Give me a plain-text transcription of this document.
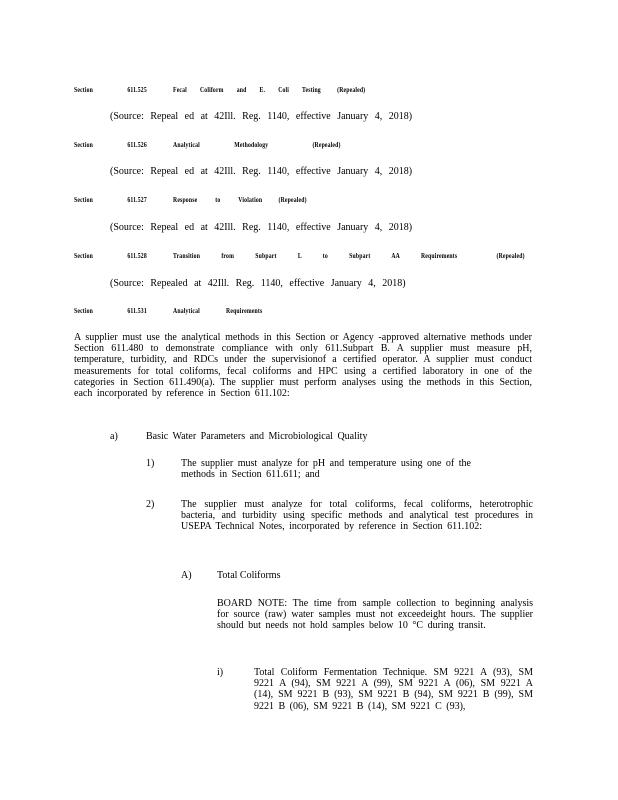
Section	611.525	Fecal Coliform and E. Coli Testing (Repealed)
(Source: Repeal ed at 42Ill. Reg. 1140, effective January 4, 2018)
Section	611.526	Analytical Methodology	(Repealed)
(Source: Repeal ed at 42Ill. Reg. 1140, effective January 4, 2018)
Section	611.527	Response to Violation (Repealed)
(Source: Repeal ed at 42Ill. Reg. 1140, effective January 4, 2018)
Section	611.528	Transition from Subpart L to Subpart AA Requirements	(Repealed)
(Source: Repealed at 42Ill. Reg. 1140, effective January 4, 2018)
Section	611.531	Analytical Requirements
A supplier must use the analytical methods in this Section or Agency -approved alternative methods under Section 611.480 to demonstrate compliance with only 611.Subpart B. A supplier must measure pH, temperature, turbidity, and RDCs under the supervisionof a certified operator. A supplier must conduct measurements for total coliforms, fecal coliforms and HPC using a certified laboratory in one of the categories in Section 611.490(a). The supplier must perform analyses using the methods in this Section, each incorporated by reference in Section 611.102:
a)	Basic Water Parameters and Microbiological Quality
1)	The supplier must analyze for pH and temperature using one of the methods in Section 611.611; and
2)	The supplier must analyze for total coliforms, fecal coliforms, heterotrophic bacteria, and turbidity using specific methods and analytical test procedures in USEPA Technical Notes, incorporated by reference in Section 611.102:
A)	Total Coliforms
BOARD NOTE: The time from sample collection to beginning analysis for source (raw) water samples must not exceedeight hours. The supplier should but needs not hold samples below 10 °C during transit.
i)	Total Coliform Fermentation Technique. SM 9221 A (93), SM 9221 A (94), SM 9221 A (99), SM 9221 A (06), SM 9221 A (14), SM 9221 B (93), SM 9221 B (94), SM 9221 B (99), SM 9221 B (06), SM 9221 B (14), SM 9221 C (93),
